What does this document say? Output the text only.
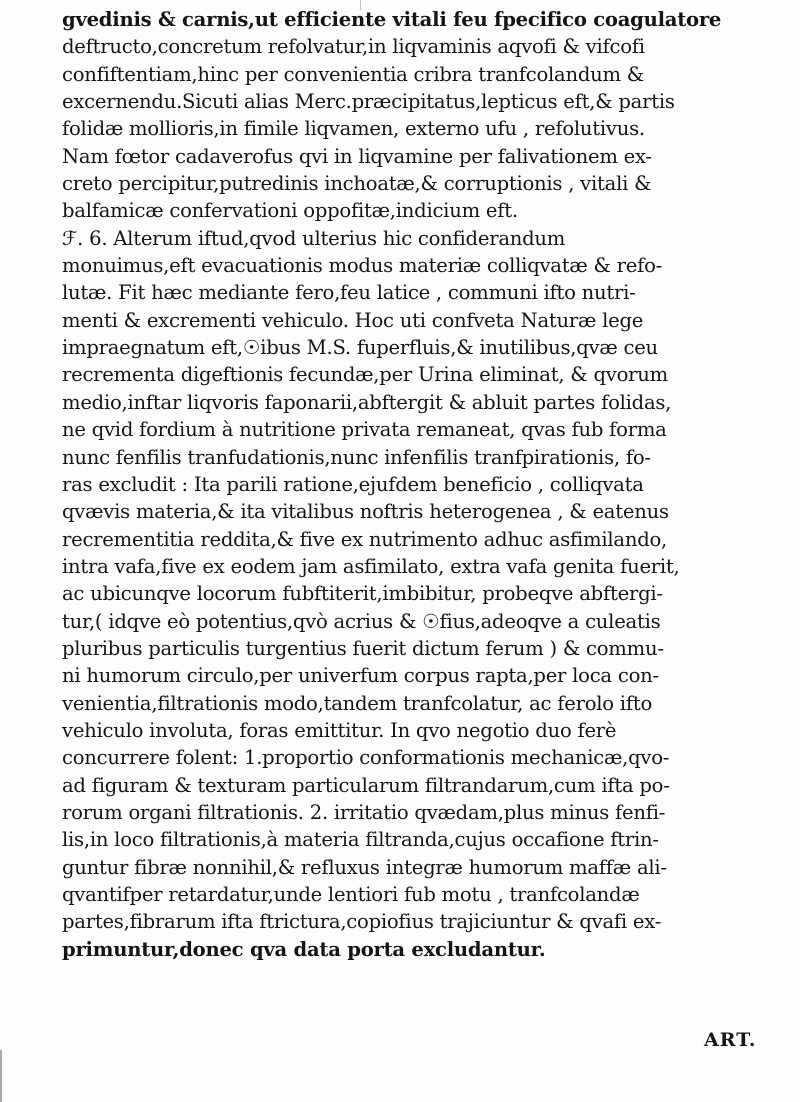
gvedinis & carnis,ut efficiente vitali feu fpecifico coagulatore
deftructo,concretum refolvatur,in liqvaminis aqvofi & vifcofi
confiftentiam,hinc per convenientia cribra tranfcolandum &
excernendu.Sicuti alias Merc.præcipitatus,lepticus eft,& partis
folidæ mollioris,in fimile liqvamen, externo ufu , refolutivus.
Nam fœtor cadaverofus qvi in liqvamine per falivationem ex-
creto percipitur,putredinis inchoatæ,& corruptionis , vitali &
balfamicæ confervationi oppofitæ,indicium eft.
ℱ. 6. Alterum iftud,qvod ulterius hic confiderandum
monuimus,eft evacuationis modus materiæ colliqvatæ & refo-
lutæ. Fit hæc mediante fero,feu latice , communi ifto nutri-
menti & excrementi vehiculo. Hoc uti confveta Naturæ lege
impraegnatum eft,☉ibus M.S. fuperfluis,& inutilibus,qvæ ceu
recrementa digeftionis fecundæ,per Urina eliminat, & qvorum
medio,inftar liqvoris faponarii,abftergit & abluit partes folidas,
ne qvid fordium à nutritione privata remaneat, qvas fub forma
nunc fenfilis tranfudationis,nunc infenfilis tranfpirationis, fo-
ras excludit : Ita parili ratione,ejufdem beneficio , colliqvata
qvævis materia,& ita vitalibus noftris heterogenea , & eatenus
recrementitia reddita,& five ex nutrimento adhuc asfimilando,
intra vafa,five ex eodem jam asfimilato, extra vafa genita fuerit,
ac ubicunqve locorum fubftiterit,imbibitur, probeqve abftergi-
tur,( idqve eò potentius,qvò acrius & ☉fius,adeoqve a culeatis
pluribus particulis turgentius fuerit dictum ferum ) & commu-
ni humorum circulo,per univerfum corpus rapta,per loca con-
venientia,filtrationis modo,tandem tranfcolatur, ac ferolo ifto
vehiculo involuta, foras emittitur. In qvo negotio duo ferè
concurrere folent: 1.proportio conformationis mechanicæ,qvo-
ad figuram & texturam particularum filtrandarum,cum ifta po-
rorum organi filtrationis. 2. irritatio qvædam,plus minus fenfi-
lis,in loco filtrationis,à materia filtranda,cujus occafione ftrin-
guntur fibræ nonnihil,& refluxus integræ humorum maffæ ali-
qvantifper retardatur,unde lentiori fub motu , tranfcolandæ
partes,fibrarum ifta ftrictura,copiofius trajiciuntur & qvafi ex-
primuntur,donec qva data porta excludantur.
ART.
